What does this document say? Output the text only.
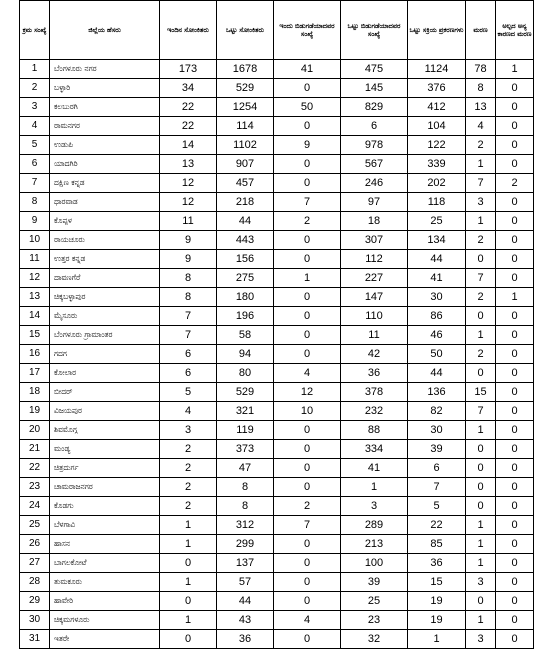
ಕ್ರಮ ಸಂಖ್ಯೆ	ಜಿಲ್ಲೆಯ ಹೆಸರು	ಇಂದಿನ ಸೋಂಕಿತರು	ಒಟ್ಟು ಸೋಂಕಿತರು	ಇಂದು ಬಿಡುಗಡೆಯಾದವರ ಸಂಖ್ಯೆ	ಒಟ್ಟು ಬಿಡುಗಡೆಯಾದವರ ಸಂಖ್ಯೆ	ಒಟ್ಟು ಸಕ್ರಿಯ ಪ್ರಕರಣಗಳು	ಮರಣ	ಅಲ್ಪದ ಅನ್ಯ ಕಾರಣದ ಮರಣ
1	ಬೆಂಗಳೂರು ನಗರ	173	1678	41	475	1124	78	1
2	ಬಳ್ಳಾರಿ	34	529	0	145	376	8	0
3	ಕಲಬುರಗಿ	22	1254	50	829	412	13	0
4	ರಾಮನಗರ	22	114	0	6	104	4	0
5	ಉಡುಪಿ	14	1102	9	978	122	2	0
6	ಯಾದಗಿರಿ	13	907	0	567	339	1	0
7	ದಕ್ಷಿಣ ಕನ್ನಡ	12	457	0	246	202	7	2
8	ಧಾರವಾಡ	12	218	7	97	118	3	0
9	ಕೊಪ್ಪಳ	11	44	2	18	25	1	0
10	ರಾಯಚೂರು	9	443	0	307	134	2	0
11	ಉತ್ತರ ಕನ್ನಡ	9	156	0	112	44	0	0
12	ದಾವಣಗೆರೆ	8	275	1	227	41	7	0
13	ಚಿಕ್ಕಬಳ್ಳಾಪುರ	8	180	0	147	30	2	1
14	ಮೈಸೂರು	7	196	0	110	86	0	0
15	ಬೆಂಗಳೂರು ಗ್ರಾಮಾಂತರ	7	58	0	11	46	1	0
16	ಗದಗ	6	94	0	42	50	2	0
17	ಕೋಲಾರ	6	80	4	36	44	0	0
18	ಬೀದರ್	5	529	12	378	136	15	0
19	ವಿಜಯಪುರ	4	321	10	232	82	7	0
20	ಶಿವಮೊಗ್ಗ	3	119	0	88	30	1	0
21	ಮಂಡ್ಯ	2	373	0	334	39	0	0
22	ಚಿತ್ರದುರ್ಗ	2	47	0	41	6	0	0
23	ಚಾಮರಾಜನಗರ	2	8	0	1	7	0	0
24	ಕೊಡಗು	2	8	2	3	5	0	0
25	ಬೆಳಗಾವಿ	1	312	7	289	22	1	0
26	ಹಾಸನ	1	299	0	213	85	1	0
27	ಬಾಗಲಕೋಟೆ	0	137	0	100	36	1	0
28	ತುಮಕೂರು	1	57	0	39	15	3	0
29	ಹಾವೇರಿ	0	44	0	25	19	0	0
30	ಚಿಕ್ಕಮಗಳೂರು	1	43	4	23	19	1	0
31	ಇತರೇ	0	36	0	32	1	3	0
